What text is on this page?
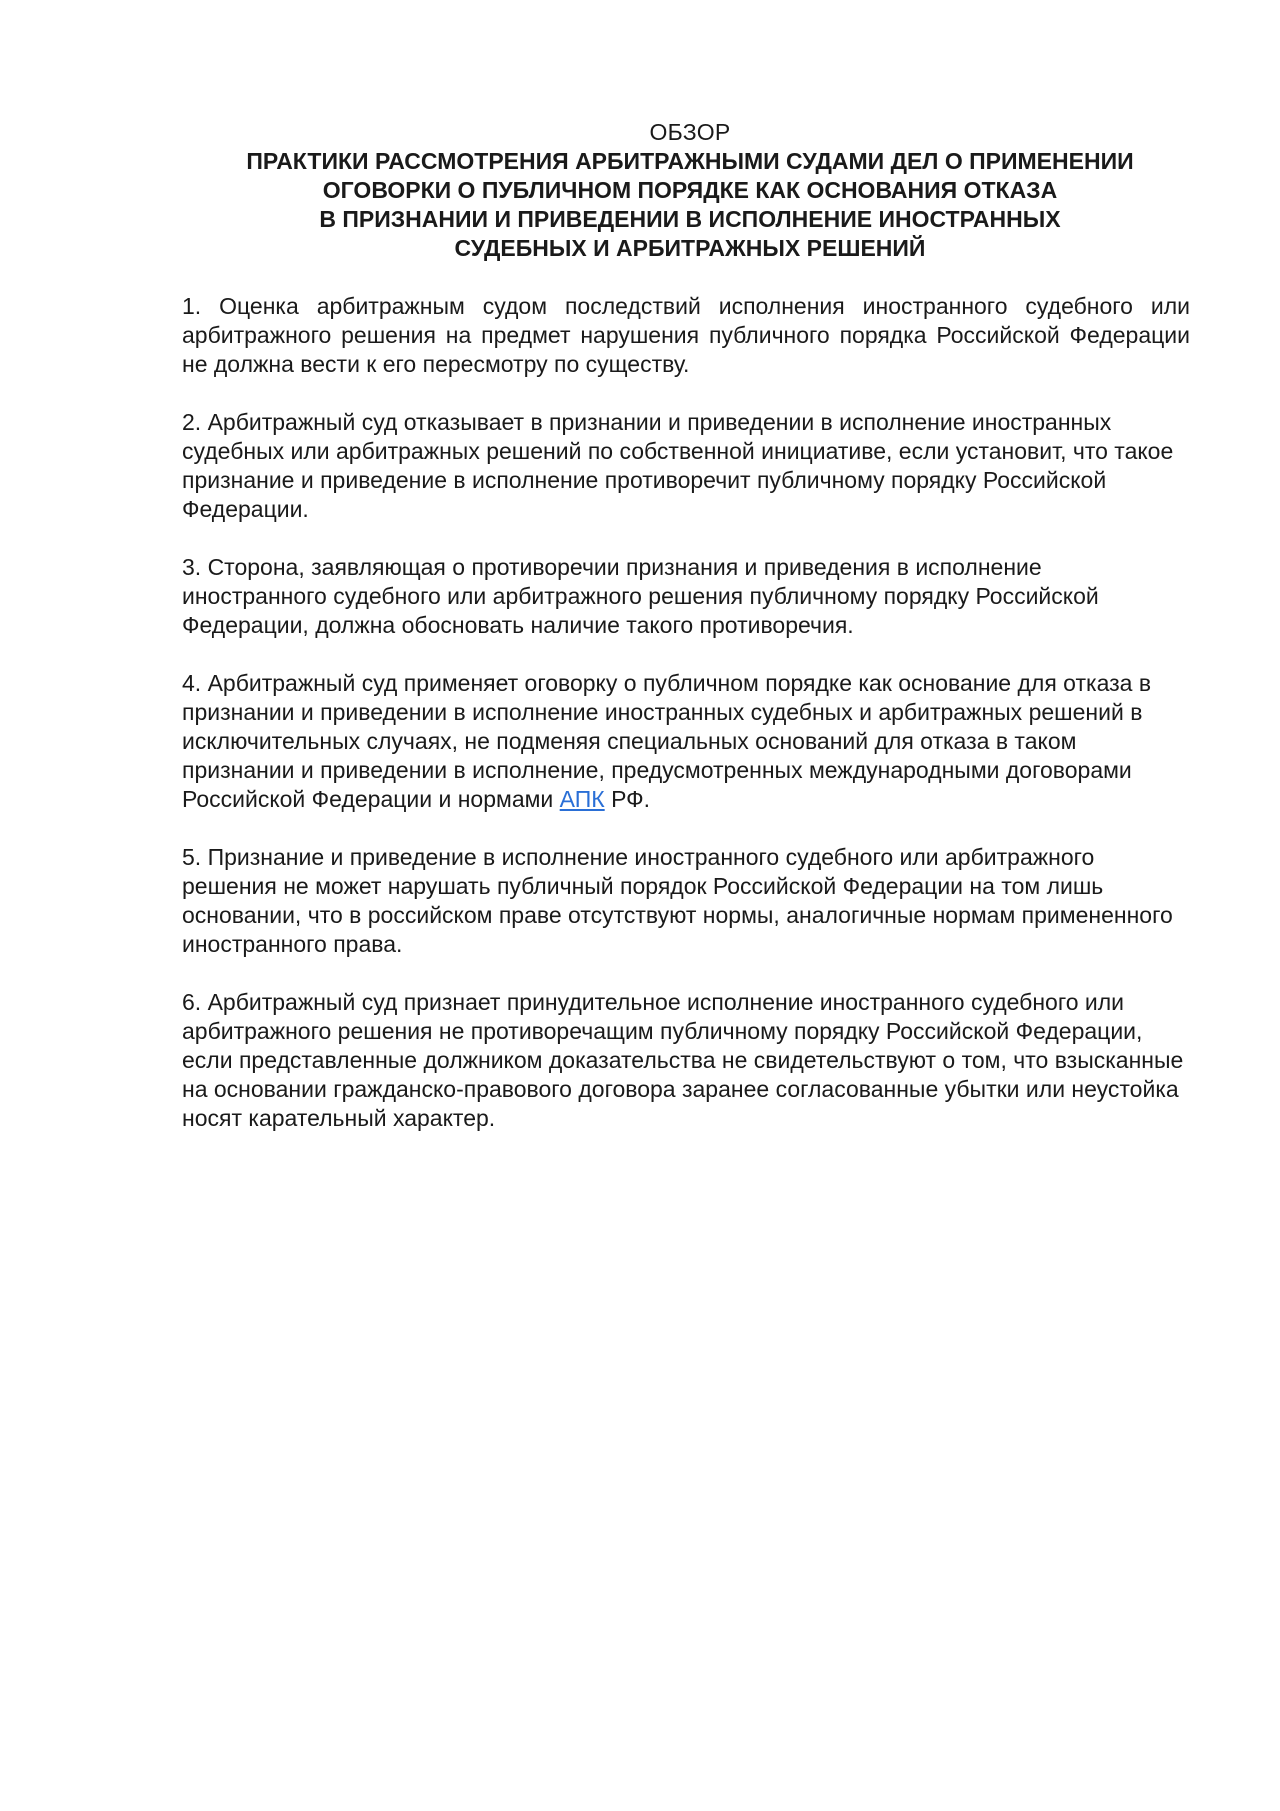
ОБЗОР
ПРАКТИКИ РАССМОТРЕНИЯ АРБИТРАЖНЫМИ СУДАМИ ДЕЛ О ПРИМЕНЕНИИ
ОГОВОРКИ О ПУБЛИЧНОМ ПОРЯДКЕ КАК ОСНОВАНИЯ ОТКАЗА
В ПРИЗНАНИИ И ПРИВЕДЕНИИ В ИСПОЛНЕНИЕ ИНОСТРАННЫХ
СУДЕБНЫХ И АРБИТРАЖНЫХ РЕШЕНИЙ

1. Оценка арбитражным судом последствий исполнения иностранного судебного или арбитражного решения на предмет нарушения публичного порядка Российской Федерации не должна вести к его пересмотру по существу.

2. Арбитражный суд отказывает в признании и приведении в исполнение иностранных судебных или арбитражных решений по собственной инициативе, если установит, что такое признание и приведение в исполнение противоречит публичному порядку Российской Федерации.

3. Сторона, заявляющая о противоречии признания и приведения в исполнение иностранного судебного или арбитражного решения публичному порядку Российской Федерации, должна обосновать наличие такого противоречия.

4. Арбитражный суд применяет оговорку о публичном порядке как основание для отказа в признании и приведении в исполнение иностранных судебных и арбитражных решений в исключительных случаях, не подменяя специальных оснований для отказа в таком признании и приведении в исполнение, предусмотренных международными договорами Российской Федерации и нормами АПК РФ.

5. Признание и приведение в исполнение иностранного судебного или арбитражного решения не может нарушать публичный порядок Российской Федерации на том лишь основании, что в российском праве отсутствуют нормы, аналогичные нормам примененного иностранного права.

6. Арбитражный суд признает принудительное исполнение иностранного судебного или арбитражного решения не противоречащим публичному порядку Российской Федерации, если представленные должником доказательства не свидетельствуют о том, что взысканные на основании гражданско-правового договора заранее согласованные убытки или неустойка носят карательный характер.
